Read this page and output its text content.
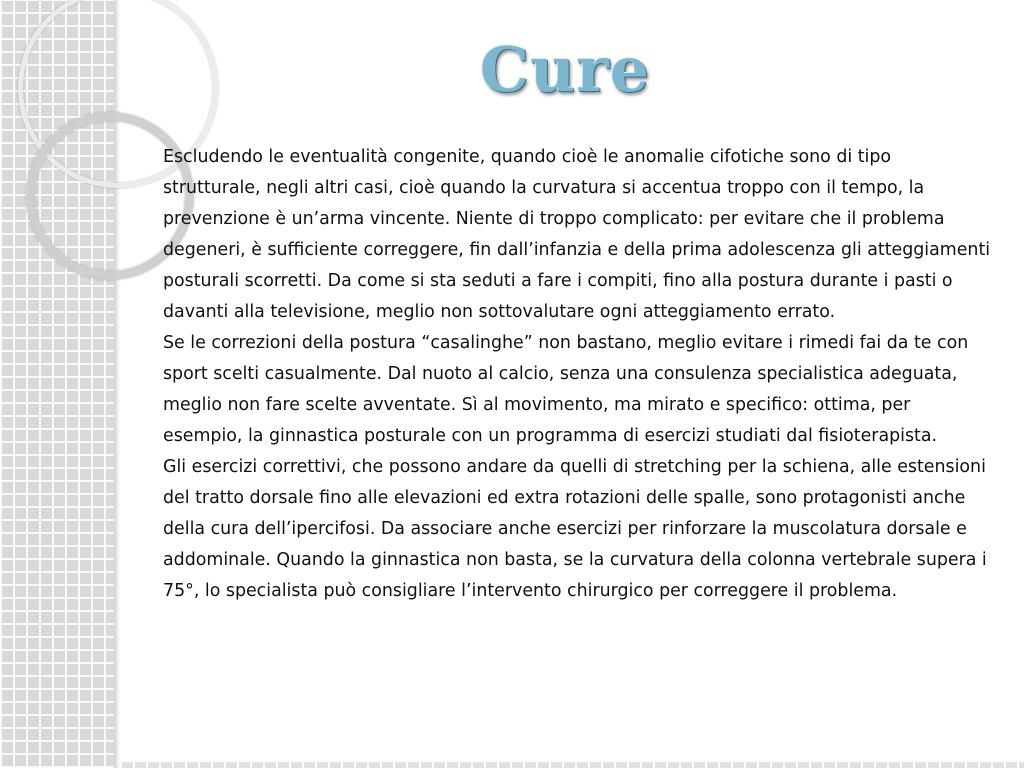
Cure

Escludendo le eventualità congenite, quando cioè le anomalie cifotiche sono di tipo strutturale, negli altri casi, cioè quando la curvatura si accentua troppo con il tempo, la prevenzione è un’arma vincente. Niente di troppo complicato: per evitare che il problema degeneri, è sufficiente correggere, fin dall’infanzia e della prima adolescenza gli atteggiamenti posturali scorretti. Da come si sta seduti a fare i compiti, fino alla postura durante i pasti o davanti alla televisione, meglio non sottovalutare ogni atteggiamento errato.

Se le correzioni della postura “casalinghe” non bastano, meglio evitare i rimedi fai da te con sport scelti casualmente. Dal nuoto al calcio, senza una consulenza specialistica adeguata, meglio non fare scelte avventate. Sì al movimento, ma mirato e specifico: ottima, per esempio, la ginnastica posturale con un programma di esercizi studiati dal fisioterapista.

Gli esercizi correttivi, che possono andare da quelli di stretching per la schiena, alle estensioni del tratto dorsale fino alle elevazioni ed extra rotazioni delle spalle, sono protagonisti anche della cura dell’ipercifosi. Da associare anche esercizi per rinforzare la muscolatura dorsale e addominale. Quando la ginnastica non basta, se la curvatura della colonna vertebrale supera i 75°, lo specialista può consigliare l’intervento chirurgico per correggere il problema.
